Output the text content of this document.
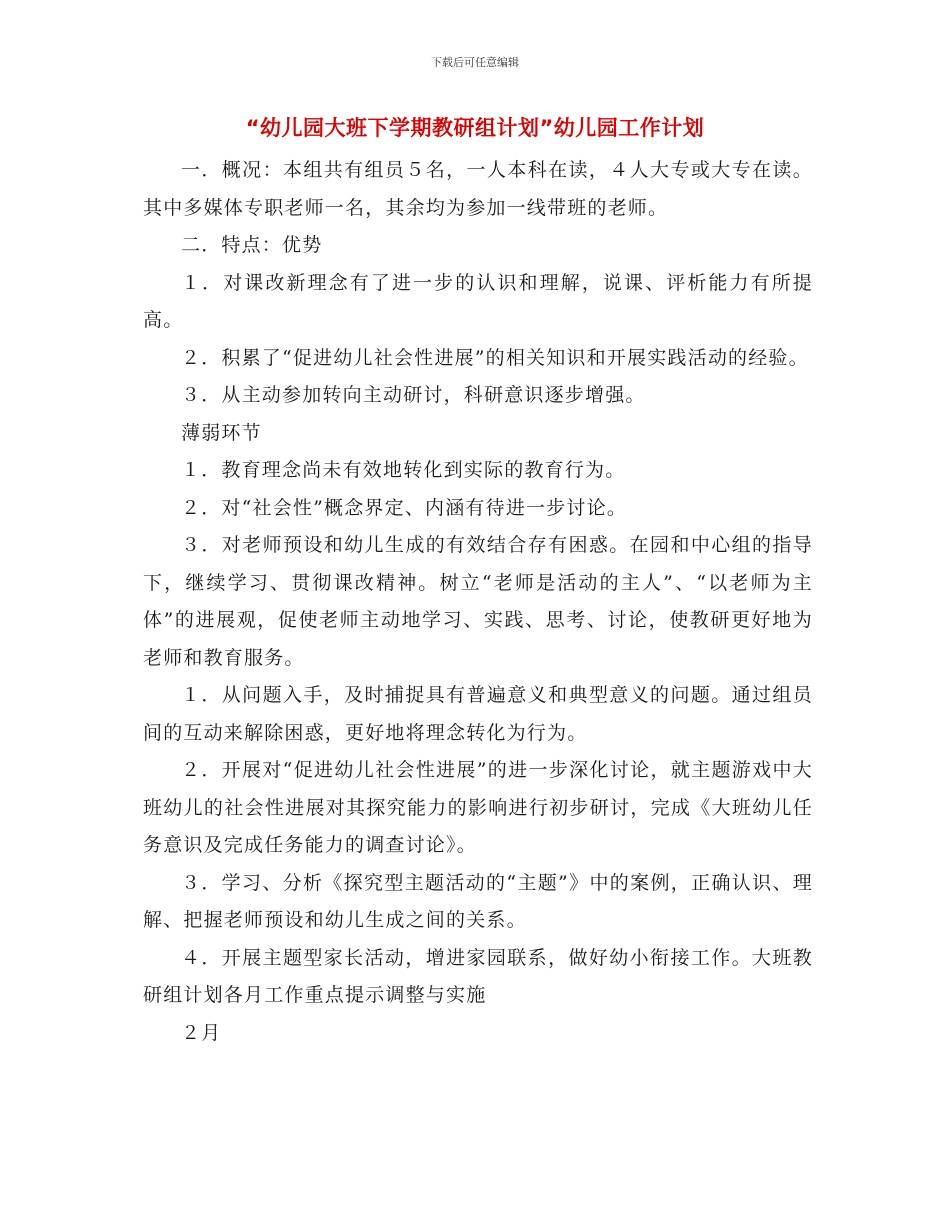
下载后可任意编辑
“幼儿园大班下学期教研组计划”幼儿园工作计划

一．概况：本组共有组员５名，一人本科在读，４人大专或大专在读。其中多媒体专职老师一名，其余均为参加一线带班的老师。

二．特点：优势

１．对课改新理念有了进一步的认识和理解，说课、评析能力有所提高。

２．积累了“促进幼儿社会性进展”的相关知识和开展实践活动的经验。

３．从主动参加转向主动研讨，科研意识逐步增强。

薄弱环节

１．教育理念尚未有效地转化到实际的教育行为。

２．对“社会性”概念界定、内涵有待进一步讨论。

３．对老师预设和幼儿生成的有效结合存有困惑。在园和中心组的指导下，继续学习、贯彻课改精神。树立“老师是活动的主人”、“以老师为主体”的进展观，促使老师主动地学习、实践、思考、讨论，使教研更好地为老师和教育服务。

１．从问题入手，及时捕捉具有普遍意义和典型意义的问题。通过组员间的互动来解除困惑，更好地将理念转化为行为。

２．开展对“促进幼儿社会性进展”的进一步深化讨论，就主题游戏中大班幼儿的社会性进展对其探究能力的影响进行初步研讨，完成《大班幼儿任务意识及完成任务能力的调查讨论》。

３．学习、分析《探究型主题活动的“主题”》中的案例，正确认识、理解、把握老师预设和幼儿生成之间的关系。

４．开展主题型家长活动，增进家园联系，做好幼小衔接工作。大班教研组计划各月工作重点提示调整与实施

２月
